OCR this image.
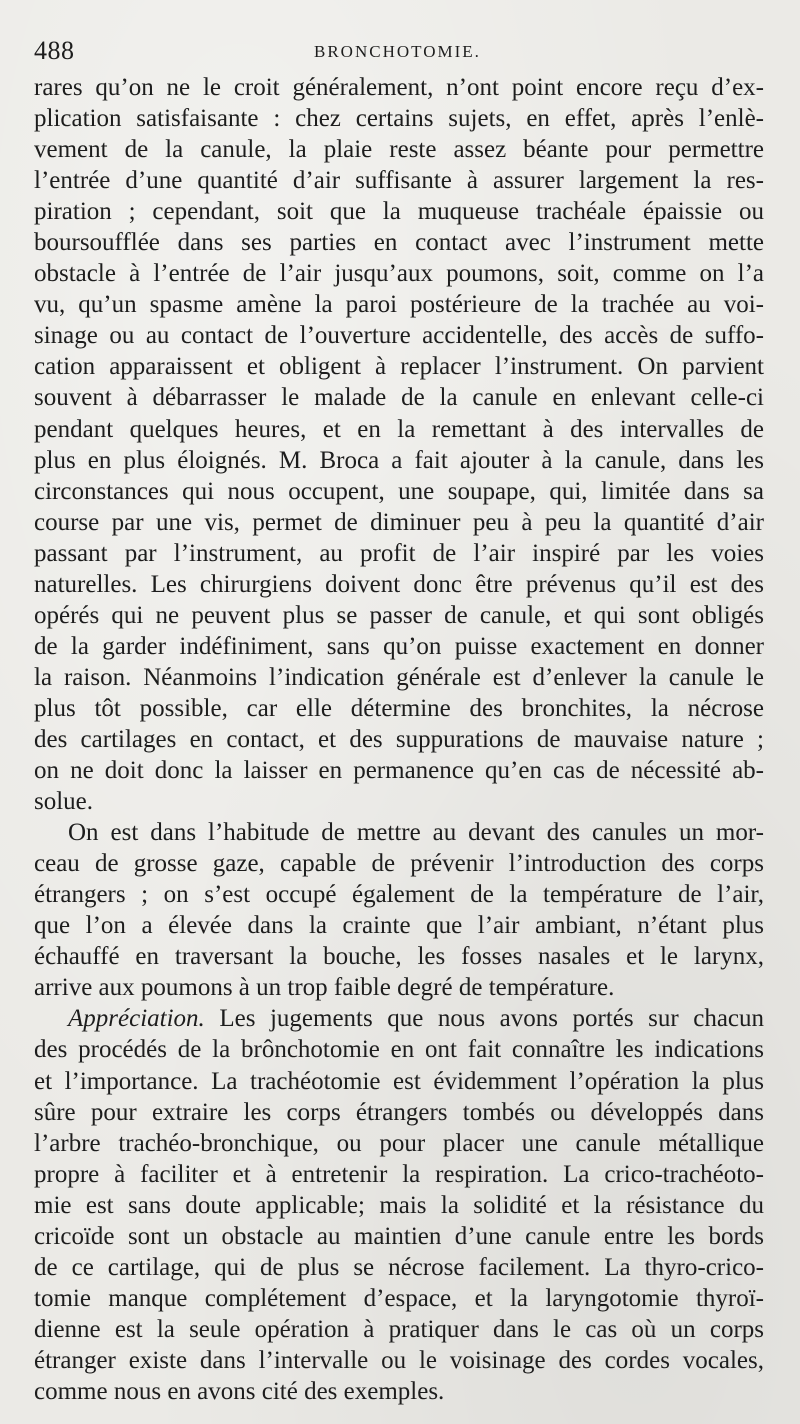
488	BRONCHOTOMIE.
rares qu’on ne le croit généralement, n’ont point encore reçu d’ex-
plication satisfaisante : chez certains sujets, en effet, après l’enlè-
vement de la canule, la plaie reste assez béante pour permettre
l’entrée d’une quantité d’air suffisante à assurer largement la res-
piration ; cependant, soit que la muqueuse trachéale épaissie ou
boursoufflée dans ses parties en contact avec l’instrument mette
obstacle à l’entrée de l’air jusqu’aux poumons, soit, comme on l’a
vu, qu’un spasme amène la paroi postérieure de la trachée au voi-
sinage ou au contact de l’ouverture accidentelle, des accès de suffo-
cation apparaissent et obligent à replacer l’instrument. On parvient
souvent à débarrasser le malade de la canule en enlevant celle-ci
pendant quelques heures, et en la remettant à des intervalles de
plus en plus éloignés. M. Broca a fait ajouter à la canule, dans les
circonstances qui nous occupent, une soupape, qui, limitée dans sa
course par une vis, permet de diminuer peu à peu la quantité d’air
passant par l’instrument, au profit de l’air inspiré par les voies
naturelles. Les chirurgiens doivent donc être prévenus qu’il est des
opérés qui ne peuvent plus se passer de canule, et qui sont obligés
de la garder indéfiniment, sans qu’on puisse exactement en donner
la raison. Néanmoins l’indication générale est d’enlever la canule le
plus tôt possible, car elle détermine des bronchites, la nécrose
des cartilages en contact, et des suppurations de mauvaise nature ;
on ne doit donc la laisser en permanence qu’en cas de nécessité ab-
solue.
On est dans l’habitude de mettre au devant des canules un mor-
ceau de grosse gaze, capable de prévenir l’introduction des corps
étrangers ; on s’est occupé également de la température de l’air,
que l’on a élevée dans la crainte que l’air ambiant, n’étant plus
échauffé en traversant la bouche, les fosses nasales et le larynx,
arrive aux poumons à un trop faible degré de température.
Appréciation. Les jugements que nous avons portés sur chacun
des procédés de la brônchotomie en ont fait connaître les indications
et l’importance. La trachéotomie est évidemment l’opération la plus
sûre pour extraire les corps étrangers tombés ou développés dans
l’arbre trachéo-bronchique, ou pour placer une canule métallique
propre à faciliter et à entretenir la respiration. La crico-trachéoto-
mie est sans doute applicable; mais la solidité et la résistance du
cricoïde sont un obstacle au maintien d’une canule entre les bords
de ce cartilage, qui de plus se nécrose facilement. La thyro-crico-
tomie manque complétement d’espace, et la laryngotomie thyroï-
dienne est la seule opération à pratiquer dans le cas où un corps
étranger existe dans l’intervalle ou le voisinage des cordes vocales,
comme nous en avons cité des exemples.
